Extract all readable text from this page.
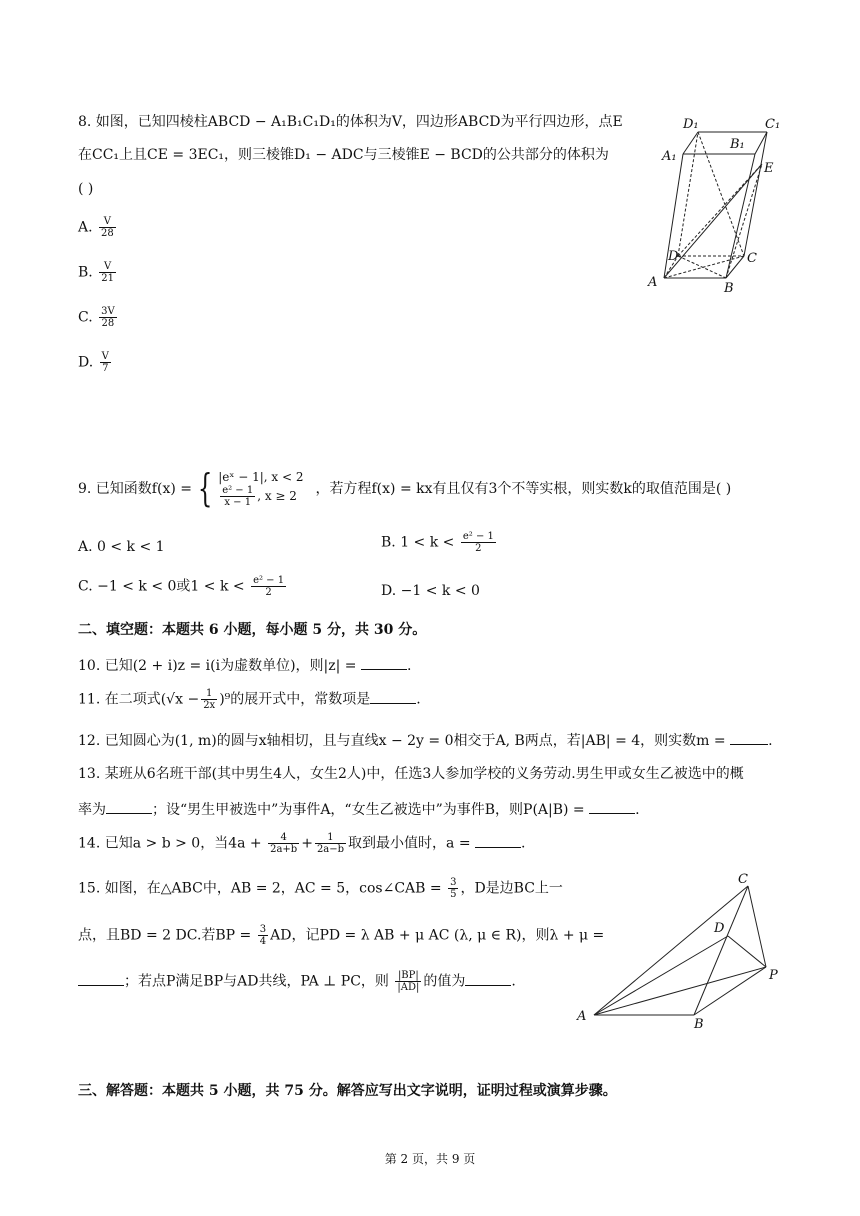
8. 如图，已知四棱柱ABCD − A₁B₁C₁D₁的体积为V，四边形ABCD为平行四边形，点E
在CC₁上且CE = 3EC₁，则三棱锥D₁ − ADC与三棱锥E − BCD的公共部分的体积为
( )
A. $\frac{V}{28}$
B. $\frac{V}{21}$
C. $\frac{3V}{28}$
D. $\frac{V}{7}$
D₁	C₁
A₁
B₁
E
D	C
A	B
9. 已知函数f(x) = { |eˣ − 1|, x < 2
$\frac{\text{e² − 1}}{x - 1}$ , x ≥ 2	，若方程f(x) = kx有且仅有3个不等实根，则实数k的取值范围是( )
A. 0 < k < 1	B. $1 < k < \frac{\text{e² − 1}}{2}$
C. −1 < k < 0或$1 < k < \frac{\text{e² − 1}}{2}$	D. −1 < k < 0
二、填空题：本题共 6 小题，每小题 5 分，共 30 分。
10. 已知(2 + i)z = i(i为虚数单位)，则|z| =	.
11. 在二项式$(√x - \frac{1}{2x} )^9$的展开式中，常数项是	.
12. 已知圆心为(1, m)的圆与x轴相切，且与直线x − 2y = 0相交于A, B两点，若|AB| = 4，则实数m =	.
13. 某班从6名班干部(其中男生4人，女生2人)中，任选3人参加学校的义务劳动.男生甲或女生乙被选中的概
率为	；设“男生甲被选中”为事件A，“女生乙被选中”为事件B，则P(A|B) =	.
14. 已知a > b > 0，当$4a + \frac{4}{2a+b} + \frac{1}{2a-b}$ 取到最小值时，a =	.
15. 如图，在△ABC中，AB = 2，AC = 5，cos∠CAB = $\frac{3}{5}$ ，D是边BC上一
点，且BD = 2 DC.若BP = $\frac{3}{4}$ AD，记PD = λ AB + μ AC (λ, μ ∈ R)，则λ + μ =
；若点P满足BP与AD共线，PA ⊥ PC，则 $\frac{|BP|}{|AD|}$ 的值为	.
C
D
P
A
B
三、解答题：本题共 5 小题，共 75 分。解答应写出文字说明，证明过程或演算步骤。
第 2 页，共 9 页
